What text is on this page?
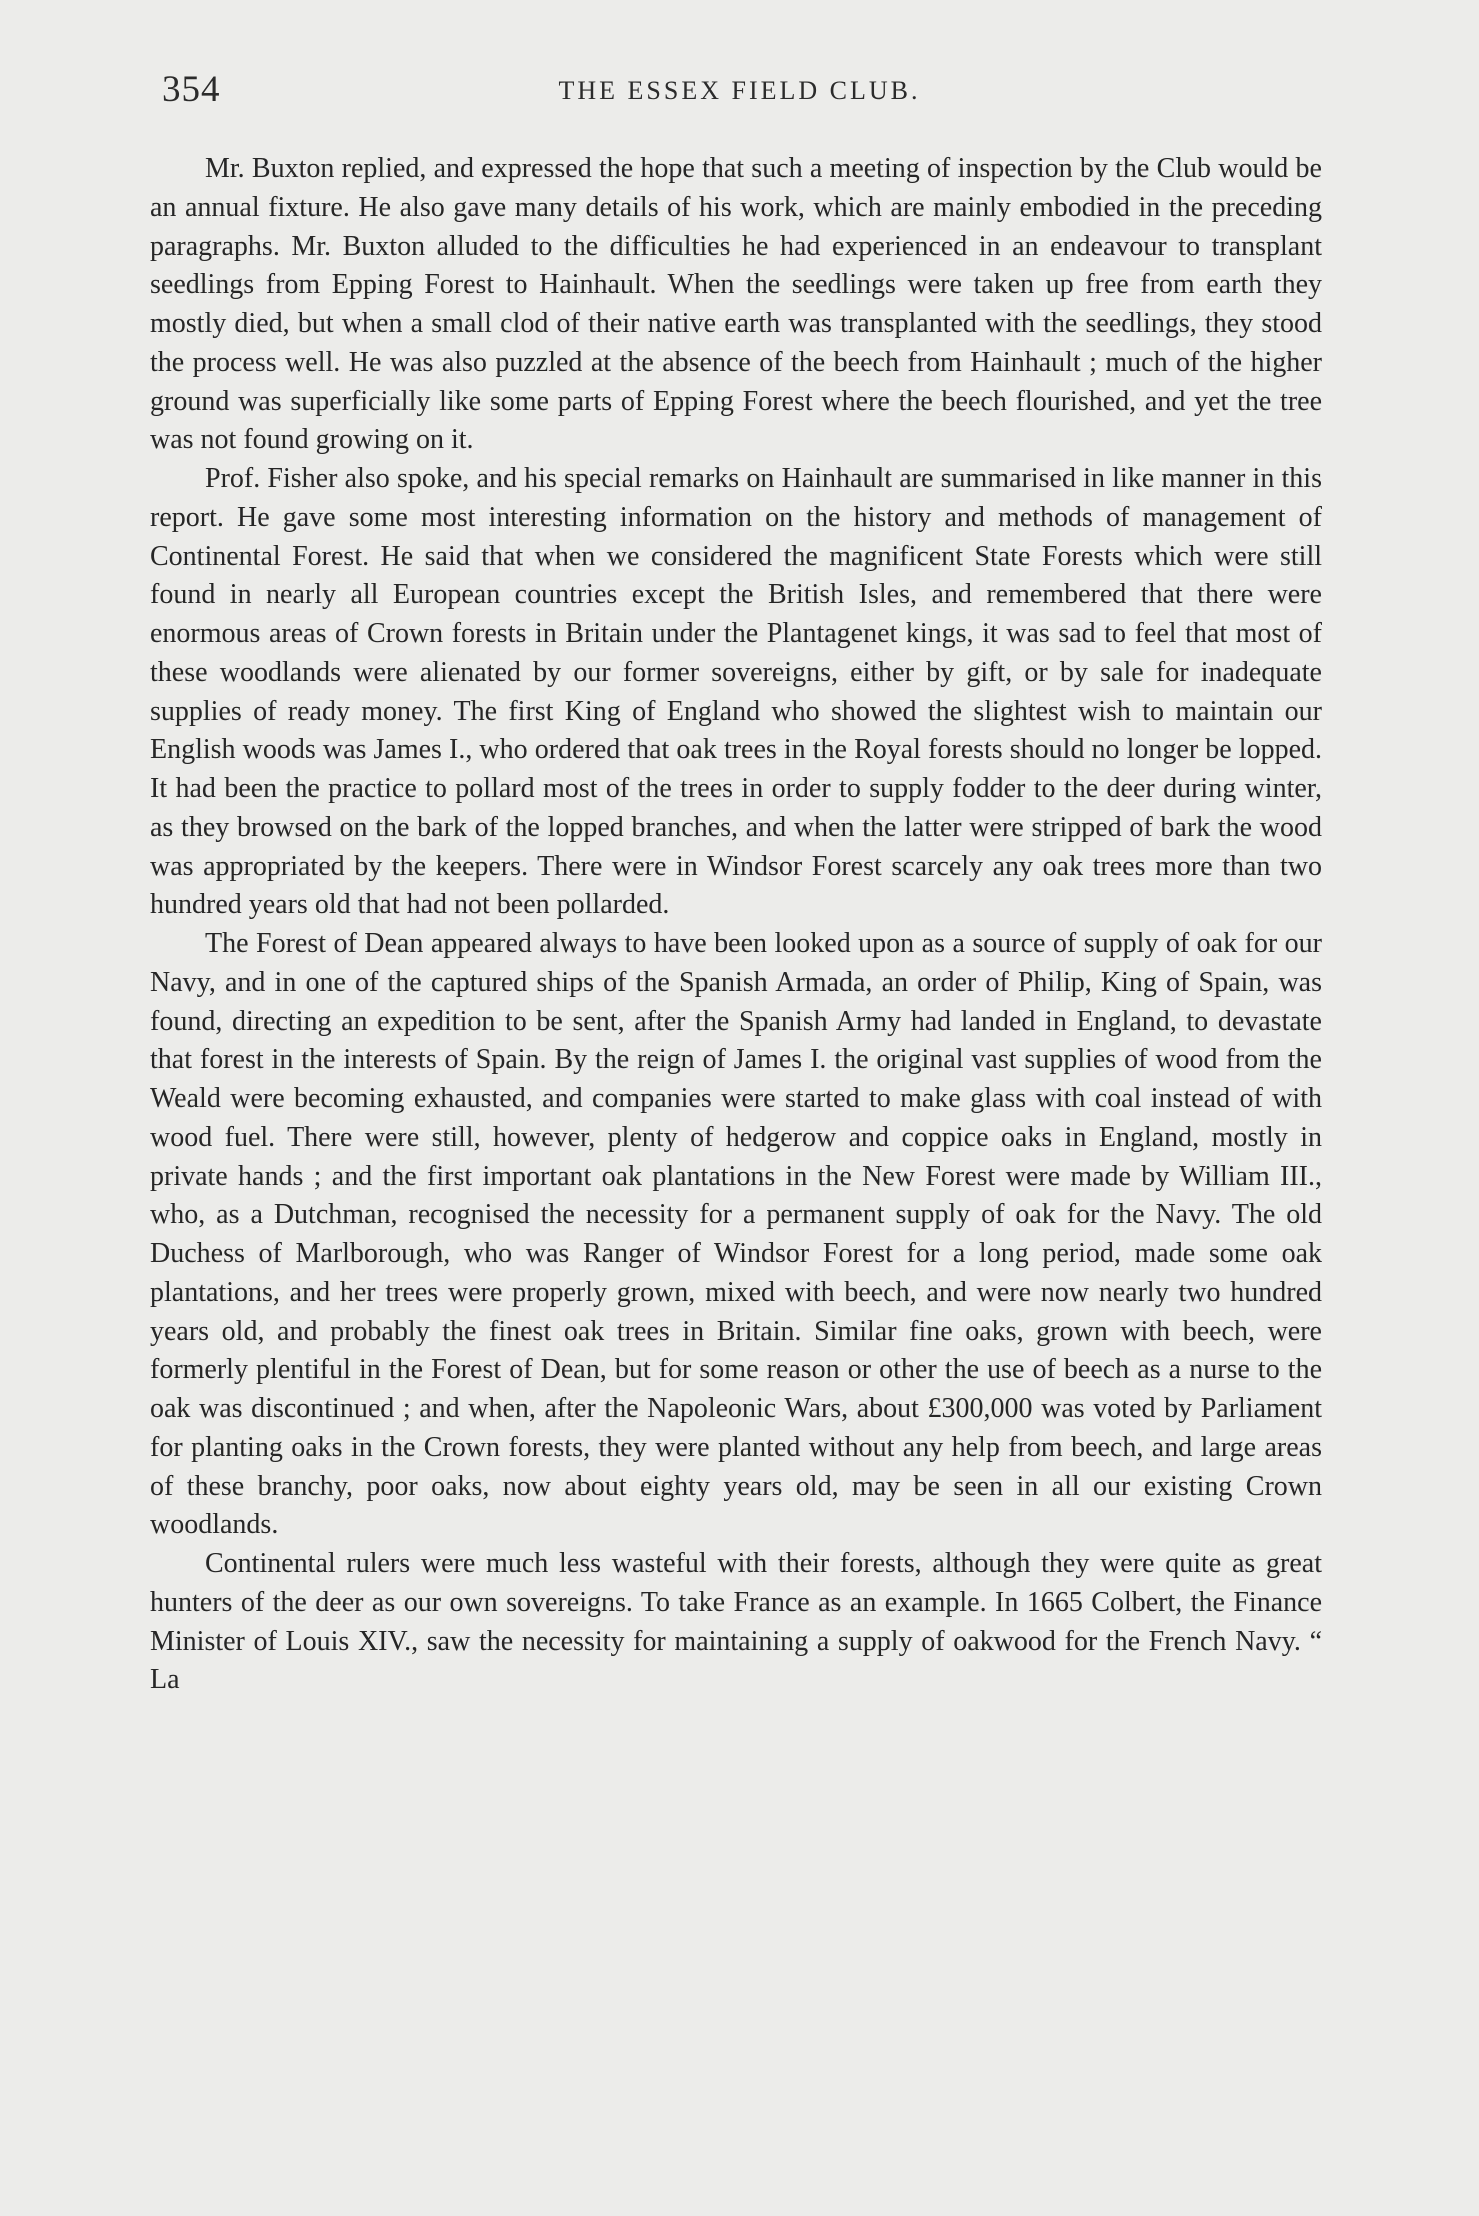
354	THE ESSEX FIELD CLUB.

Mr. Buxton replied, and expressed the hope that such a meeting of inspection by the Club would be an annual fixture. He also gave many details of his work, which are mainly embodied in the preceding paragraphs. Mr. Buxton alluded to the difficulties he had experienced in an endeavour to transplant seedlings from Epping Forest to Hainhault. When the seedlings were taken up free from earth they mostly died, but when a small clod of their native earth was transplanted with the seedlings, they stood the process well. He was also puzzled at the absence of the beech from Hainhault ; much of the higher ground was superficially like some parts of Epping Forest where the beech flourished, and yet the tree was not found growing on it.

Prof. Fisher also spoke, and his special remarks on Hainhault are summarised in like manner in this report. He gave some most interesting information on the history and methods of management of Continental Forest. He said that when we considered the magnificent State Forests which were still found in nearly all European countries except the British Isles, and remembered that there were enormous areas of Crown forests in Britain under the Plantagenet kings, it was sad to feel that most of these woodlands were alienated by our former sovereigns, either by gift, or by sale for inadequate supplies of ready money. The first King of England who showed the slightest wish to maintain our English woods was James I., who ordered that oak trees in the Royal forests should no longer be lopped. It had been the practice to pollard most of the trees in order to supply fodder to the deer during winter, as they browsed on the bark of the lopped branches, and when the latter were stripped of bark the wood was appropriated by the keepers. There were in Windsor Forest scarcely any oak trees more than two hundred years old that had not been pollarded.

The Forest of Dean appeared always to have been looked upon as a source of supply of oak for our Navy, and in one of the captured ships of the Spanish Armada, an order of Philip, King of Spain, was found, directing an expedition to be sent, after the Spanish Army had landed in England, to devastate that forest in the interests of Spain. By the reign of James I. the original vast supplies of wood from the Weald were becoming exhausted, and companies were started to make glass with coal instead of with wood fuel. There were still, however, plenty of hedgerow and coppice oaks in England, mostly in private hands ; and the first important oak plantations in the New Forest were made by William III., who, as a Dutchman, recognised the necessity for a permanent supply of oak for the Navy. The old Duchess of Marlborough, who was Ranger of Windsor Forest for a long period, made some oak plantations, and her trees were properly grown, mixed with beech, and were now nearly two hundred years old, and probably the finest oak trees in Britain. Similar fine oaks, grown with beech, were formerly plentiful in the Forest of Dean, but for some reason or other the use of beech as a nurse to the oak was discontinued ; and when, after the Napoleonic Wars, about £300,000 was voted by Parliament for planting oaks in the Crown forests, they were planted without any help from beech, and large areas of these branchy, poor oaks, now about eighty years old, may be seen in all our existing Crown woodlands.

Continental rulers were much less wasteful with their forests, although they were quite as great hunters of the deer as our own sovereigns. To take France as an example. In 1665 Colbert, the Finance Minister of Louis XIV., saw the necessity for maintaining a supply of oakwood for the French Navy. “ La
